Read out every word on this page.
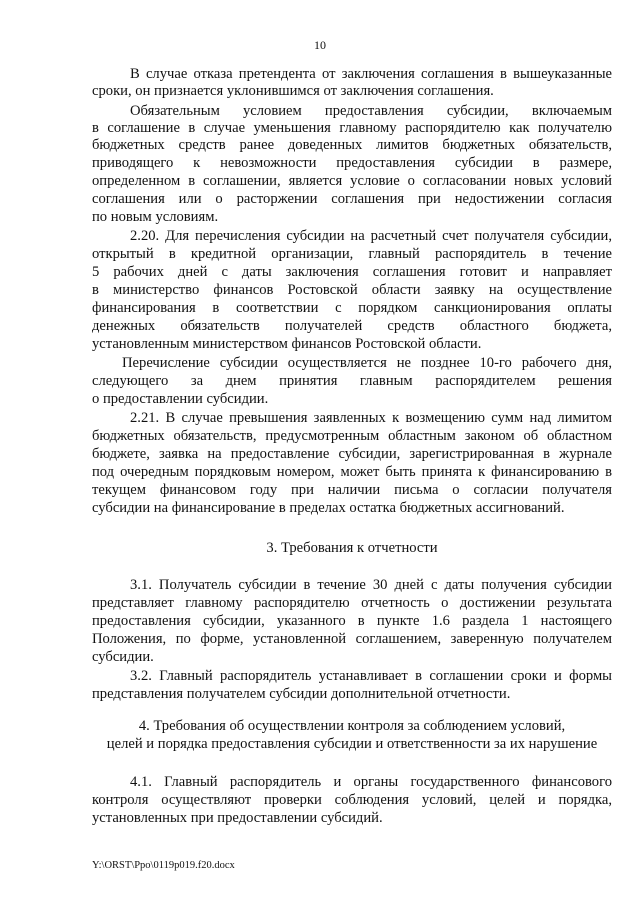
10
В случае отказа претендента от заключения соглашения в вышеуказанные
сроки, он признается уклонившимся от заключения соглашения.
Обязательным условием предоставления субсидии, включаемым
в соглашение в случае уменьшения главному распорядителю как получателю
бюджетных средств ранее доведенных лимитов бюджетных обязательств,
приводящего к невозможности предоставления субсидии в размере,
определенном в соглашении, является условие о согласовании новых условий
соглашения или о расторжении соглашения при недостижении согласия
по новым условиям.
2.20. Для перечисления субсидии на расчетный счет получателя субсидии,
открытый в кредитной организации, главный распорядитель в течение
5 рабочих дней с даты заключения соглашения готовит и направляет
в министерство финансов Ростовской области заявку на осуществление
финансирования в соответствии с порядком санкционирования оплаты
денежных обязательств получателей средств областного бюджета,
установленным министерством финансов Ростовской области.
Перечисление субсидии осуществляется не позднее 10-го рабочего дня,
следующего за днем принятия главным распорядителем решения
о предоставлении субсидии.
2.21. В случае превышения заявленных к возмещению сумм над лимитом
бюджетных обязательств, предусмотренным областным законом об областном
бюджете, заявка на предоставление субсидии, зарегистрированная в журнале
под очередным порядковым номером, может быть принята к финансированию в
текущем финансовом году при наличии письма о согласии получателя
субсидии на финансирование в пределах остатка бюджетных ассигнований.
3. Требования к отчетности
3.1. Получатель субсидии в течение 30 дней с даты получения субсидии
представляет главному распорядителю отчетность о достижении результата
предоставления субсидии, указанного в пункте 1.6 раздела 1 настоящего
Положения, по форме, установленной соглашением, заверенную получателем
субсидии.
3.2. Главный распорядитель устанавливает в соглашении сроки и формы
представления получателем субсидии дополнительной отчетности.
4. Требования об осуществлении контроля за соблюдением условий,
целей и порядка предоставления субсидии и ответственности за их нарушение
4.1. Главный распорядитель и органы государственного финансового
контроля осуществляют проверки соблюдения условий, целей и порядка,
установленных при предоставлении субсидий.
Y:\ORST\Ppo\0119p019.f20.docx
